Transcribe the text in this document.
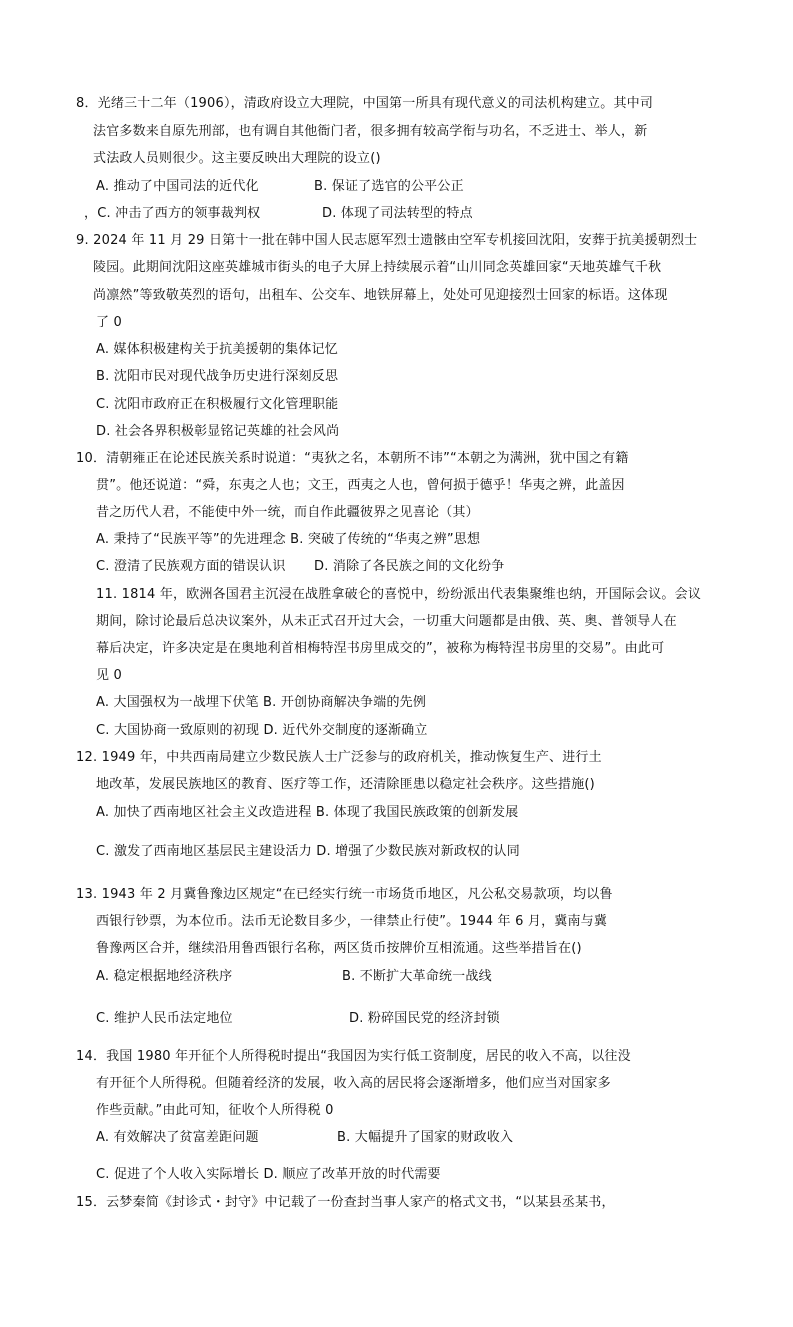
8．光绪三十二年（1906），清政府设立大理院，中国第一所具有现代意义的司法机构建立。其中司
法官多数来自原先刑部，也有调自其他衙门者，很多拥有较高学衔与功名，不乏进士、举人，新
式法政人员则很少。这主要反映出大理院的设立()
A. 推动了中国司法的近代化	B. 保证了选官的公平公正
，C. 冲击了西方的领事裁判权	D. 体现了司法转型的特点
9. 2024 年 11 月 29 日第十一批在韩中国人民志愿军烈士遗骸由空军专机接回沈阳，安葬于抗美援朝烈士
陵园。此期间沈阳这座英雄城市街头的电子大屏上持续展示着“山川同念英雄回家“天地英雄气千秋
尚凛然”等致敬英烈的语句，出租车、公交车、地铁屏幕上，处处可见迎接烈士回家的标语。这体现
了 0
A. 媒体积极建构关于抗美援朝的集体记忆
B. 沈阳市民对现代战争历史进行深刻反思
C. 沈阳市政府正在积极履行文化管理职能
D. 社会各界积极彰显铭记英雄的社会风尚
10．清朝雍正在论述民族关系时说道：“夷狄之名，本朝所不讳”“本朝之为满洲，犹中国之有籍
贯”。他还说道：“舜，东夷之人也；文王，西夷之人也，曾何损于德乎！华夷之辨，此盖因
昔之历代人君，不能使中外一统，而自作此疆彼界之见喜论（其）
A. 秉持了“民族平等”的先进理念 B. 突破了传统的“华夷之辨”思想
C. 澄清了民族观方面的错误认识 D. 消除了各民族之间的文化纷争
11. 1814 年，欧洲各国君主沉浸在战胜拿破仑的喜悦中，纷纷派出代表集聚维也纳，开国际会议。会议
期间，除讨论最后总决议案外，从未正式召开过大会，一切重大问题都是由俄、英、奥、普领导人在
幕后决定，许多决定是在奥地利首相梅特涅书房里成交的”，被称为梅特涅书房里的交易”。由此可
见 0
A. 大国强权为一战埋下伏笔 B. 开创协商解决争端的先例
C. 大国协商一致原则的初现 D. 近代外交制度的逐渐确立
12. 1949 年，中共西南局建立少数民族人士广泛参与的政府机关，推动恢复生产、进行土
地改革，发展民族地区的教育、医疗等工作，还清除匪患以稳定社会秩序。这些措施()
A. 加快了西南地区社会主义改造进程 B. 体现了我国民族政策的创新发展
C. 激发了西南地区基层民主建设活力 D. 增强了少数民族对新政权的认同
13. 1943 年 2 月冀鲁豫边区规定“在已经实行统一市场货币地区，凡公私交易款项，均以鲁
西银行钞票，为本位币。法币无论数目多少，一律禁止行使”。1944 年 6 月，冀南与冀
鲁豫两区合并，继续沿用鲁西银行名称，两区货币按牌价互相流通。这些举措旨在()
A. 稳定根据地经济秩序	B. 不断扩大革命统一战线
C. 维护人民币法定地位	D. 粉碎国民党的经济封锁
14．我国 1980 年开征个人所得税时提出“我国因为实行低工资制度，居民的收入不高，以往没
有开征个人所得税。但随着经济的发展，收入高的居民将会逐渐增多，他们应当对国家多
作些贡献。”由此可知，征收个人所得税 0
A. 有效解决了贫富差距问题	B. 大幅提升了国家的财政收入
C. 促进了个人收入实际增长 D. 顺应了改革开放的时代需要
15．云梦秦简《封诊式・封守》中记载了一份查封当事人家产的格式文书，“以某县丞某书，
